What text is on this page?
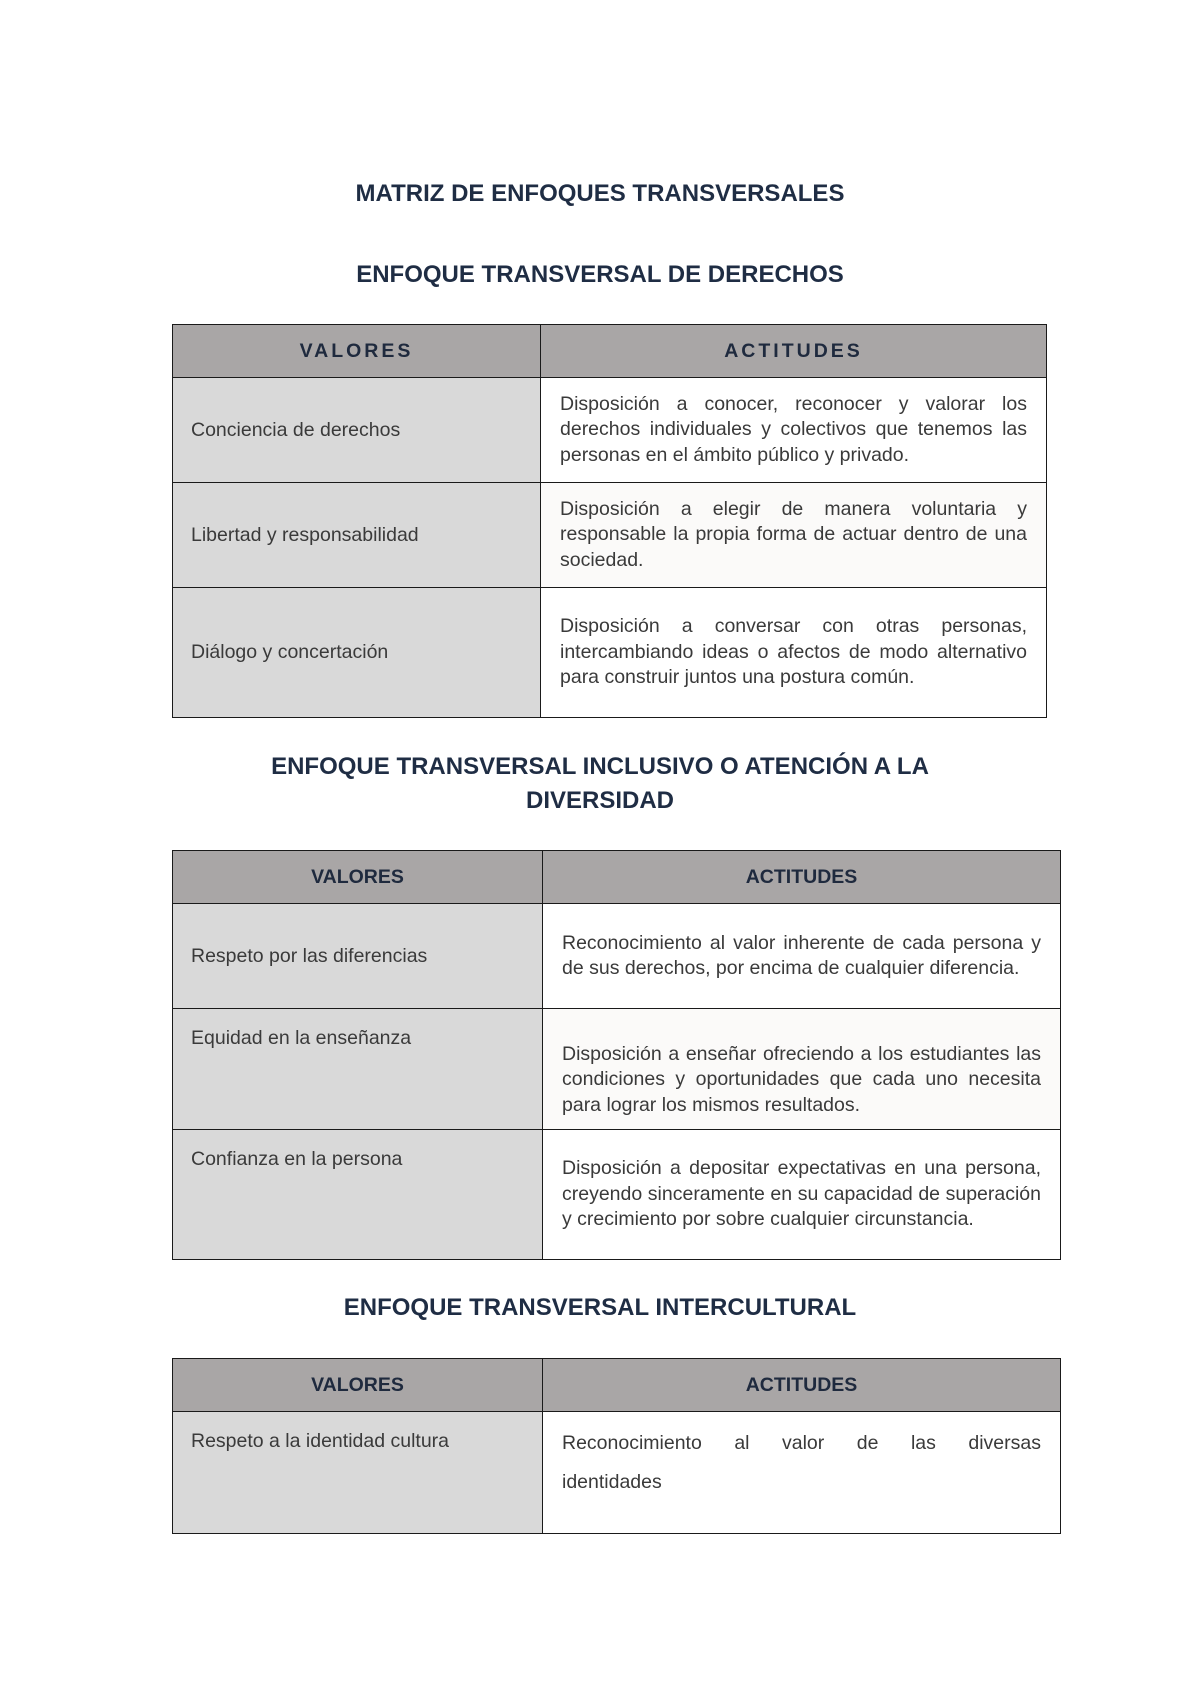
MATRIZ DE ENFOQUES TRANSVERSALES
ENFOQUE TRANSVERSAL DE DERECHOS
VALORES	ACTITUDES
Conciencia de derechos	Disposición a conocer, reconocer y valorar los derechos individuales y colectivos que tenemos las personas en el ámbito público y privado.
Libertad y responsabilidad	Disposición a elegir de manera voluntaria y responsable la propia forma de actuar dentro de una sociedad.
Diálogo y concertación	Disposición a conversar con otras personas, intercambiando ideas o afectos de modo alternativo para construir juntos una postura común.
ENFOQUE TRANSVERSAL INCLUSIVO O ATENCIÓN A LA DIVERSIDAD
VALORES	ACTITUDES
Respeto por las diferencias	Reconocimiento al valor inherente de cada persona y de sus derechos, por encima de cualquier diferencia.
Equidad en la enseñanza	Disposición a enseñar ofreciendo a los estudiantes las condiciones y oportunidades que cada uno necesita para lograr los mismos resultados.
Confianza en la persona	Disposición a depositar expectativas en una persona, creyendo sinceramente en su capacidad de superación y crecimiento por sobre cualquier circunstancia.
ENFOQUE TRANSVERSAL INTERCULTURAL
VALORES	ACTITUDES
Respeto a la identidad cultura	Reconocimiento al valor de las diversas
identidades
